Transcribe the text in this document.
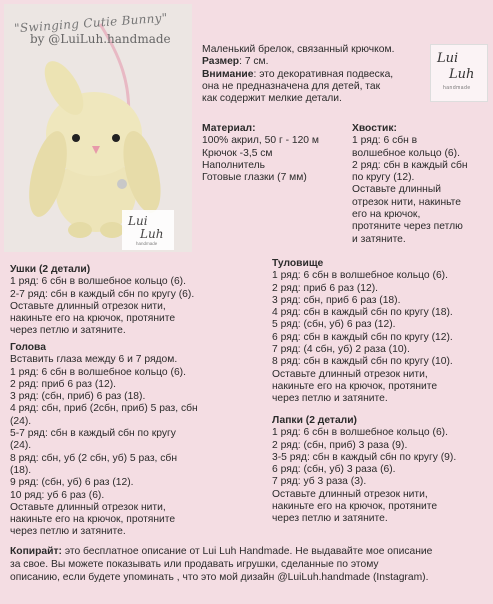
"Swinging Cutie Bunny"
by @LuiLuh.handmade
Lui
Luh
handmade
Lui
Luh
handmade
Маленький брелок, связанный крючком.
Размер: 7 см.
Внимание: это декоративная подвеска,
она не предназначена для детей, так
как содержит мелкие детали.
Материал:
100% акрил, 50 г - 120 м
Крючок -3,5 см
Наполнитель
Готовые глазки (7 мм)
Хвостик:
1 ряд: 6 сбн в
волшебное кольцо (6).
2 ряд: сбн в каждый сбн
по кругу (12).
Оставьте длинный
отрезок нити, накиньте
его на крючок,
протяните через петлю
и затяните.
Ушки (2 детали)
1 ряд: 6 сбн в волшебное кольцо (6).
2-7 ряд: сбн в каждый сбн по кругу (6).
Оставьте длинный отрезок нити,
накиньте его на крючок, протяните
через петлю и затяните.
Голова
Вставить глаза между 6 и 7 рядом.
1 ряд: 6 сбн в волшебное кольцо (6).
2 ряд: приб 6 раз (12).
3 ряд: (сбн, приб) 6 раз (18).
4 ряд: сбн, приб (2сбн, приб) 5 раз, сбн
(24).
5-7 ряд: сбн в каждый сбн по кругу
(24).
8 ряд: сбн, уб (2 сбн, уб) 5 раз, сбн
(18).
9 ряд: (сбн, уб) 6 раз (12).
10 ряд: уб 6 раз (6).
Оставьте длинный отрезок нити,
накиньте его на крючок, протяните
через петлю и затяните.
Туловище
1 ряд: 6 сбн в волшебное кольцо (6).
2 ряд: приб 6 раз (12).
3 ряд: сбн, приб 6 раз (18).
4 ряд: сбн в каждый сбн по кругу (18).
5 ряд: (сбн, уб) 6 раз (12).
6 ряд: сбн в каждый сбн по кругу (12).
7 ряд: (4 сбн, уб) 2 раза (10).
8 ряд: сбн в каждый сбн по кругу (10).
Оставьте длинный отрезок нити,
накиньте его на крючок, протяните
через петлю и затяните.
Лапки (2 детали)
1 ряд: 6 сбн в волшебное кольцо (6).
2 ряд: (сбн, приб) 3 раза (9).
3-5 ряд: сбн в каждый сбн по кругу (9).
6 ряд: (сбн, уб) 3 раза (6).
7 ряд: уб 3 раза (3).
Оставьте длинный отрезок нити,
накиньте его на крючок, протяните
через петлю и затяните.
Копирайт: это бесплатное описание от Lui Luh Handmade. Не выдавайте мое описание
за свое. Вы можете показывать или продавать игрушки, сделанные по этому
описанию, если будете упоминать , что это мой дизайн @LuiLuh.handmade (Instagram).
